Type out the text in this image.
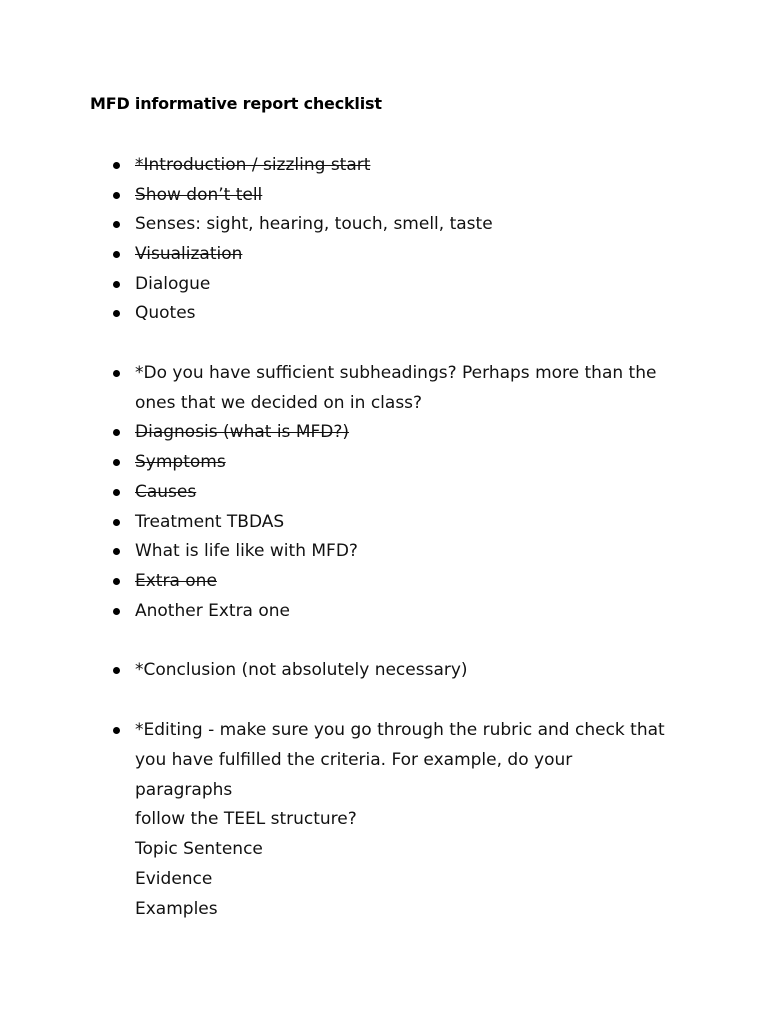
MFD informative report checklist
*Introduction / sizzling start
Show don’t tell
Senses: sight, hearing, touch, smell, taste
Visualization
Dialogue
Quotes
*Do you have sufficient subheadings? Perhaps more than the
ones that we decided on in class?
Diagnosis (what is MFD?)
Symptoms
Causes
Treatment TBDAS
What is life like with MFD?
Extra one
Another Extra one
*Conclusion (not absolutely necessary)
*Editing - make sure you go through the rubric and check that
you have fulfilled the criteria. For example, do your paragraphs
follow the TEEL structure?
Topic Sentence
Evidence
Examples
